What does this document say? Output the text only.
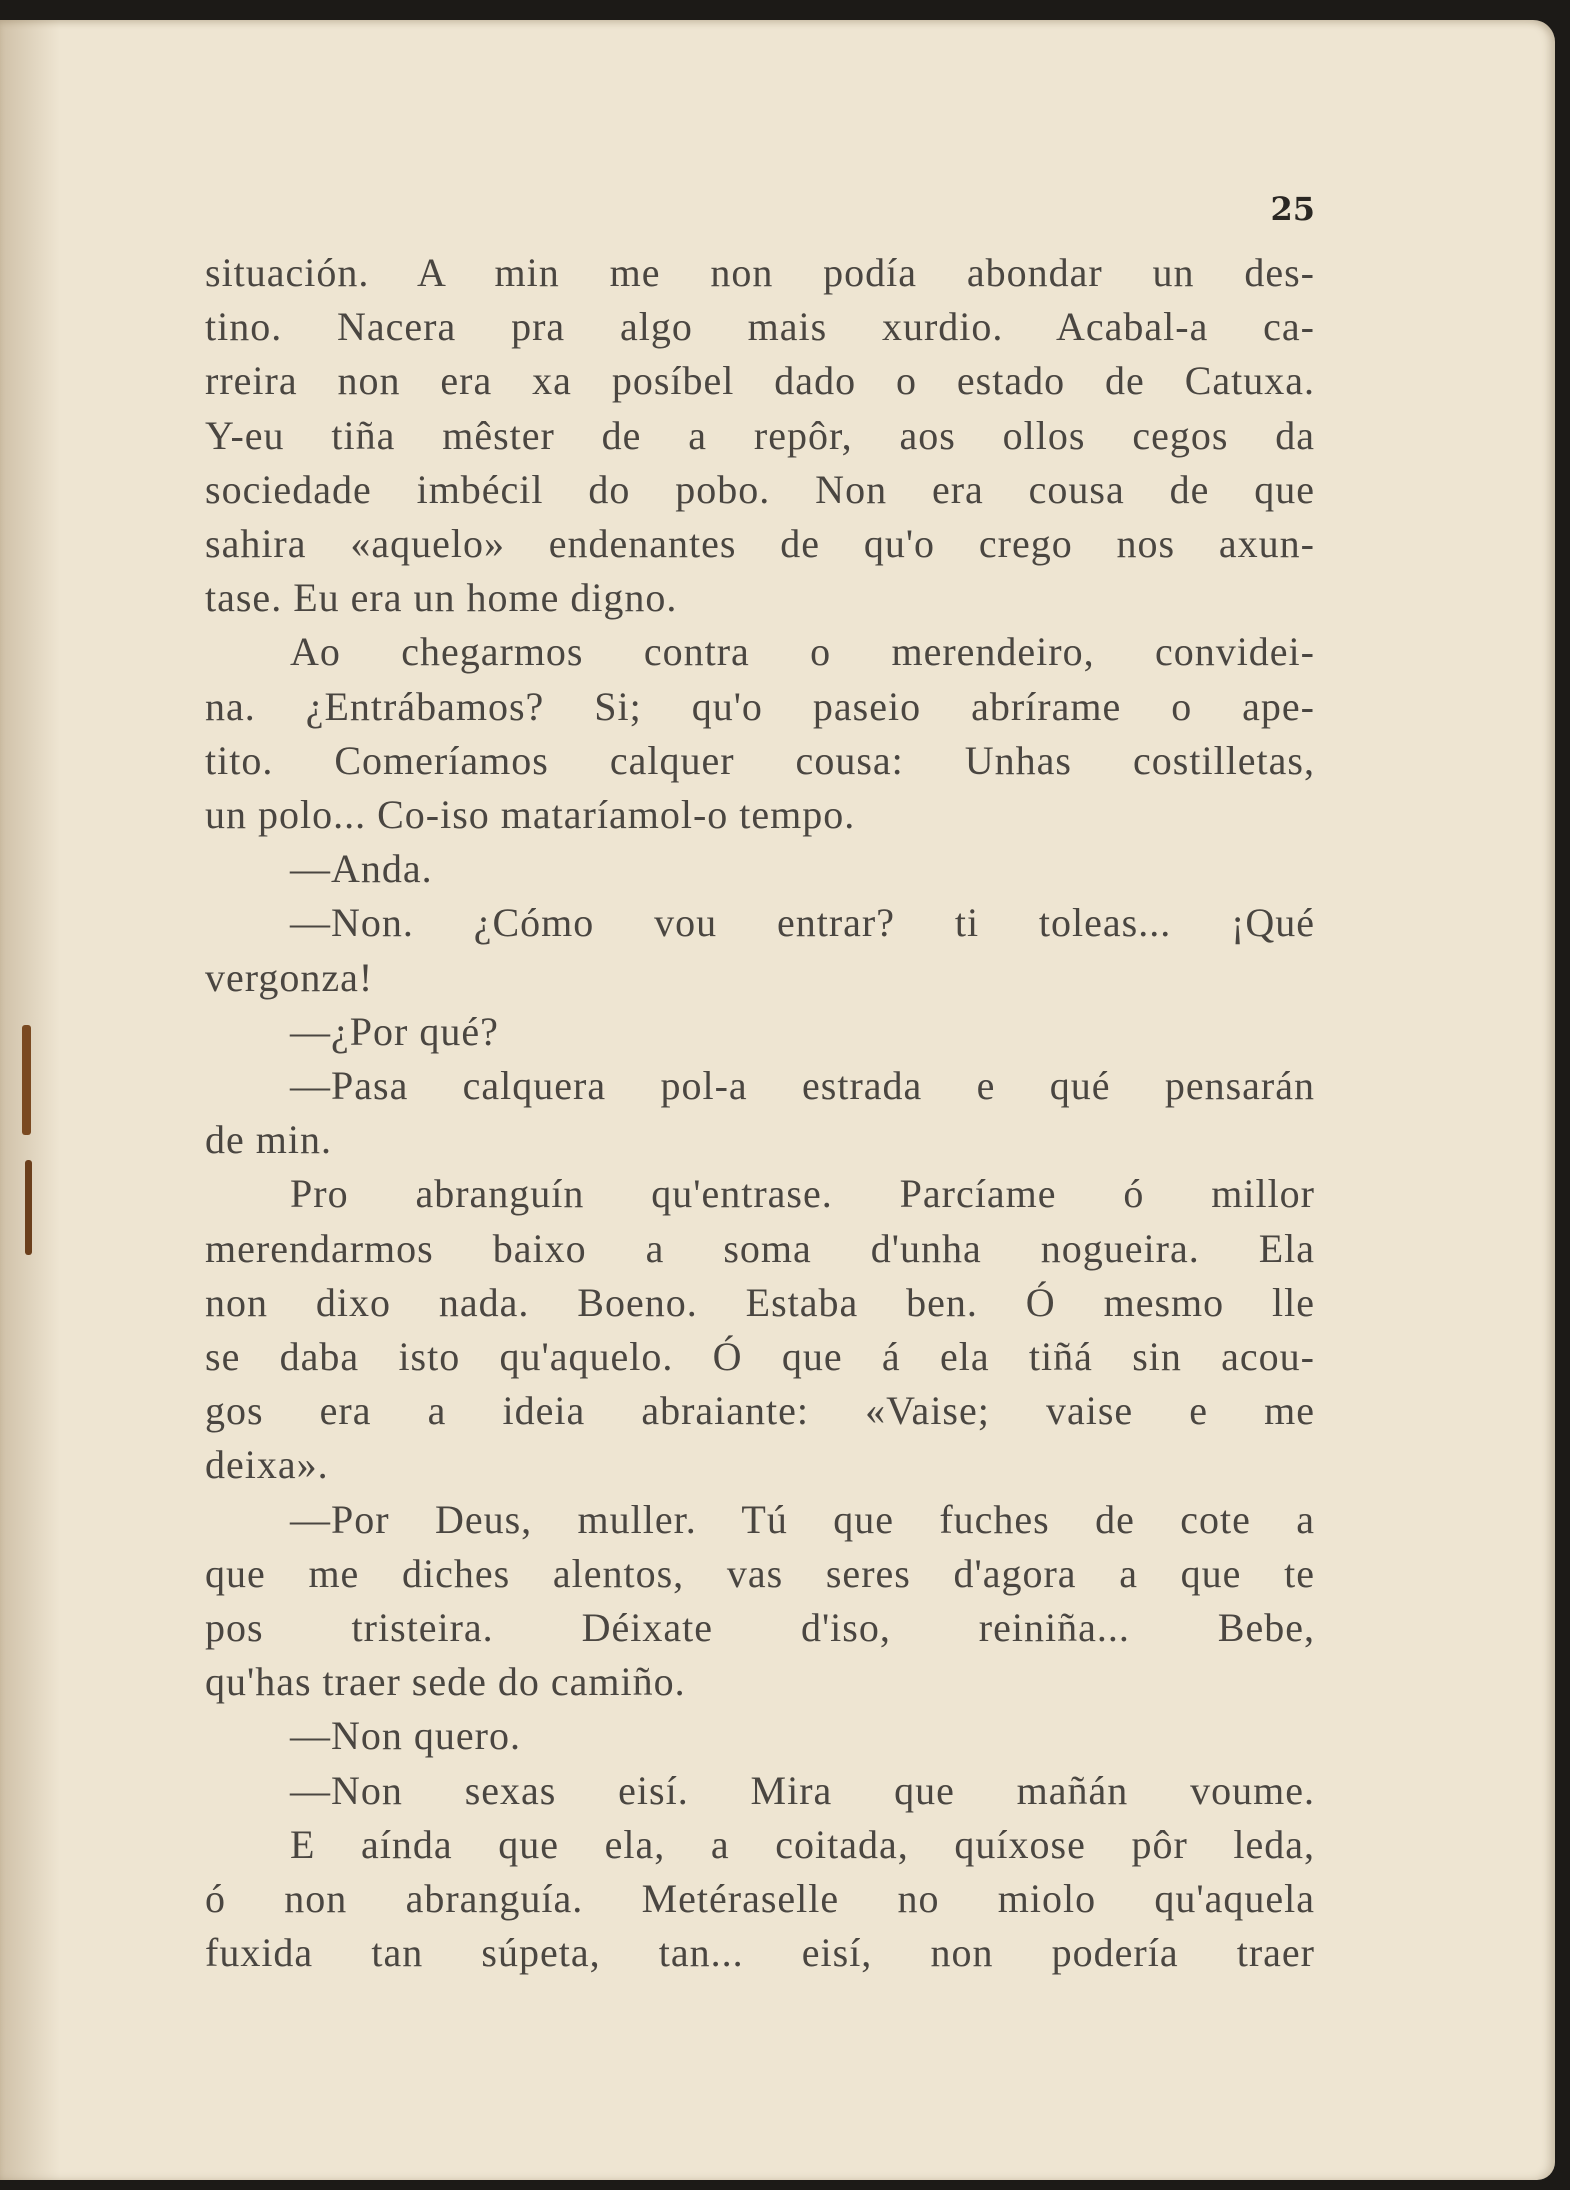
25
situación. A min me non podía abondar un des-
tino. Nacera pra algo mais xurdio. Acabal-a ca-
rreira non era xa posíbel dado o estado de Catuxa.
Y-eu tiña mêster de a repôr, aos ollos cegos da
sociedade imbécil do pobo. Non era cousa de que
sahira «aquelo» endenantes de qu'o crego nos axun-
tase. Eu era un home digno.
Ao chegarmos contra o merendeiro, convidei-
na. ¿Entrábamos? Si; qu'o paseio abrírame o ape-
tito. Comeríamos calquer cousa: Unhas costilletas,
un polo... Co-iso mataríamol-o tempo.
—Anda.
—Non. ¿Cómo vou entrar? ti toleas... ¡Qué
vergonza!
—¿Por qué?
—Pasa calquera pol-a estrada e qué pensarán
de min.
Pro abranguín qu'entrase. Parcíame ó millor
merendarmos baixo a soma d'unha nogueira. Ela
non dixo nada. Boeno. Estaba ben. Ó mesmo lle
se daba isto qu'aquelo. Ó que á ela tiñá sin acou-
gos era a ideia abraiante: «Vaise; vaise e me
deixa».
—Por Deus, muller. Tú que fuches de cote a
que me diches alentos, vas seres d'agora a que te
pos tristeira. Déixate d'iso, reiniña... Bebe,
qu'has traer sede do camiño.
—Non quero.
—Non sexas eisí. Mira que mañán voume.
E aínda que ela, a coitada, quíxose pôr leda,
ó non abranguía. Metéraselle no miolo qu'aquela
fuxida tan súpeta, tan... eisí, non podería traer
